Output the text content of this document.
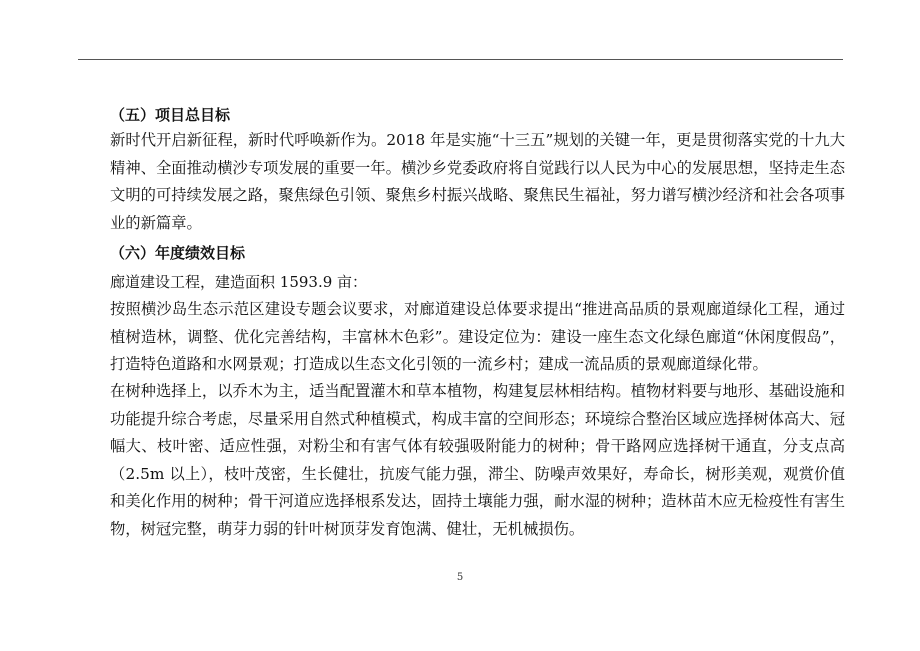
（五）项目总目标
新时代开启新征程，新时代呼唤新作为。2018 年是实施“十三五”规划的关键一年，更是贯彻落实党的十九大精神、全面推动横沙专项发展的重要一年。横沙乡党委政府将自觉践行以人民为中心的发展思想，坚持走生态文明的可持续发展之路，聚焦绿色引领、聚焦乡村振兴战略、聚焦民生福祉，努力谱写横沙经济和社会各项事业的新篇章。
（六）年度绩效目标
廊道建设工程，建造面积 1593.9 亩：
按照横沙岛生态示范区建设专题会议要求，对廊道建设总体要求提出“推进高品质的景观廊道绿化工程，通过植树造林，调整、优化完善结构，丰富林木色彩”。建设定位为：建设一座生态文化绿色廊道“休闲度假岛”，打造特色道路和水网景观；打造成以生态文化引领的一流乡村；建成一流品质的景观廊道绿化带。
在树种选择上，以乔木为主，适当配置灌木和草本植物，构建复层林相结构。植物材料要与地形、基础设施和功能提升综合考虑，尽量采用自然式种植模式，构成丰富的空间形态；环境综合整治区域应选择树体高大、冠幅大、枝叶密、适应性强，对粉尘和有害气体有较强吸附能力的树种；骨干路网应选择树干通直，分支点高（2.5m 以上），枝叶茂密，生长健壮，抗废气能力强，滞尘、防噪声效果好，寿命长，树形美观，观赏价值和美化作用的树种；骨干河道应选择根系发达，固持土壤能力强，耐水湿的树种；造林苗木应无检疫性有害生物，树冠完整，萌芽力弱的针叶树顶芽发育饱满、健壮，无机械损伤。
5
